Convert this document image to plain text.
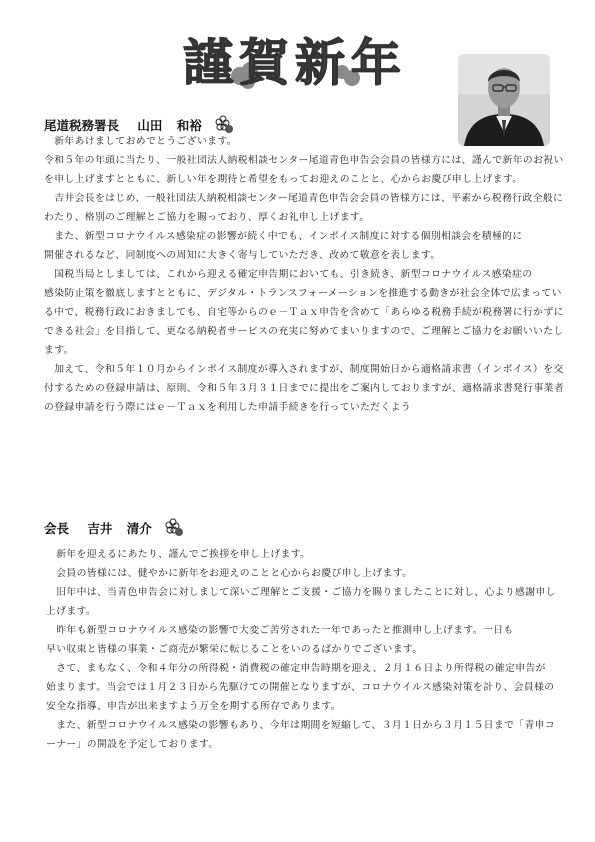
謹賀新年
尾道税務署長 山田 和裕

　新年あけましておめでとうございます。

令和５年の年頭に当たり、一般社団法人納税相談センター尾道青色申告会会員の皆様方には、謹んで新年のお祝いを申し上げますとともに、新しい年を期待と希望をもってお迎えのことと、心からお慶び申し上げます。

　吉井会長をはじめ、一般社団法人納税相談センター尾道青色申告会会員の皆様方には、平素から税務行政全般にわたり、格別のご理解とご協力を賜っており、厚くお礼申し上げます。

　また、新型コロナウイルス感染症の影響が続く中でも、インボイス制度に対する個別相談会を積極的に

開催されるなど、同制度への周知に大きく寄与していただき、改めて敬意を表します。

　国税当局としましては、これから迎える確定申告期においても、引き続き、新型コロナウイルス感染症の

感染防止策を徹底しますとともに、デジタル・トランスフォーメーションを推進する動きが社会全体で広まっている中で、税務行政におきましても、自宅等からのｅ－Ｔａｘ申告を含めて「あらゆる税務手続が税務署に行かずにできる社会」を目指して、更なる納税者サービスの充実に努めてまいりますので、ご理解とご協力をお願いいたします。

　加えて、令和５年１０月からインボイス制度が導入されますが、制度開始日から適格請求書（インボイス）を交付するための登録申請は、原則、令和５年３月３１日までに提出をご案内しておりますが、適格請求書発行事業者の登録申請を行う際にはｅ－Ｔａｘを利用した申請手続きを行っていただくよう

会長 吉井 清介

　新年を迎えるにあたり、謹んでご挨拶を申し上げます。

　会員の皆様には、健やかに新年をお迎えのことと心からお慶び申し上げます。

　旧年中は、当青色申告会に対しまして深いご理解とご支援・ご協力を賜りましたことに対し、心より感謝申し上げます。

　昨年も新型コロナウイルス感染の影響で大変ご苦労された一年であったと推測申し上げます。一日も

早い収束と皆様の事業・ご商売が繁栄に転じることをいのるばかりでございます。

　さて、まもなく、令和４年分の所得税・消費税の確定申告時期を迎え、２月１６日より所得税の確定申告が始まります。当会では１月２３日から先駆けての開催となりますが、コロナウイルス感染対策を計り、会員様の安全な指導、申告が出来ますよう万全を期する所存であります。

　また、新型コロナウイルス感染の影響もあり、今年は期間を短縮して、３月１日から３月１５日まで「青申コーナー」の開設を予定しております。
